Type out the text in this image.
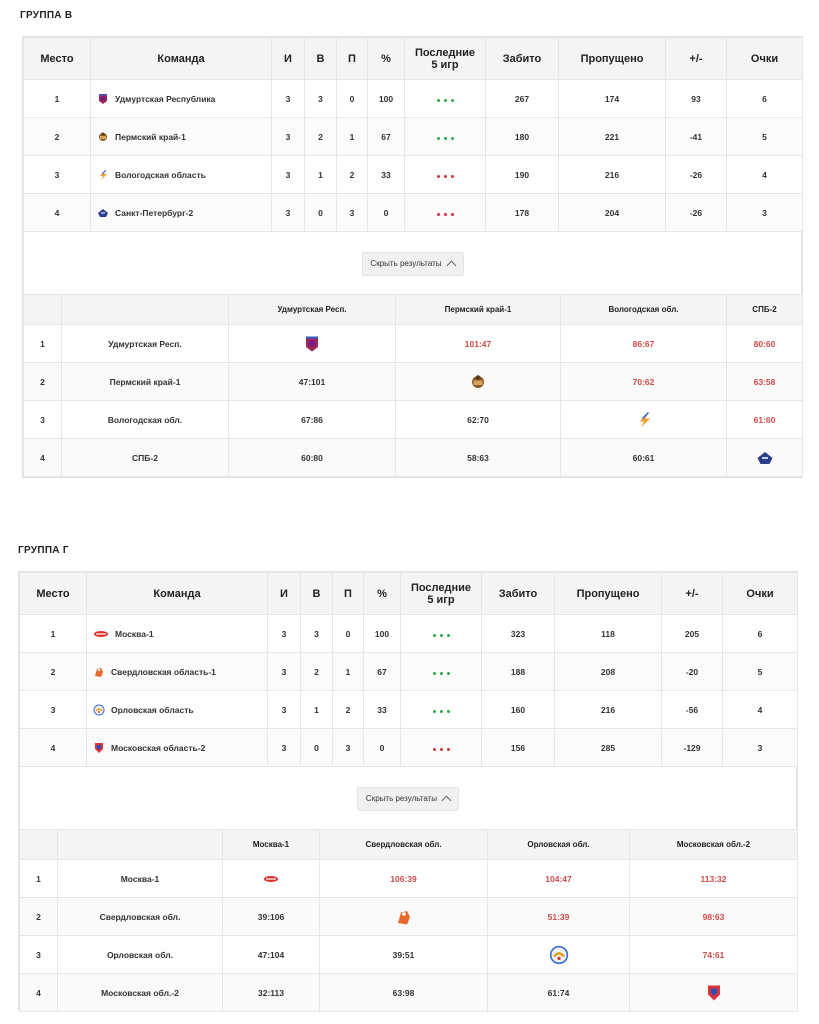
ГРУППА В
Место	Команда	И	В	П	%	Последние
5 игр	Забито	Пропущено	+/-	Очки
1	Удмуртская Республика	3	3	0	100		267	174	93	6
2	Пермский край-1	3	2	1	67		180	221	-41	5
3	Вологодская область	3	1	2	33		190	216	-26	4
4	Санкт-Петербург-2	3	0	3	0		178	204	-26	3
Скрыть результаты
		Удмуртская Респ.	Пермский край-1	Вологодская обл.	СПБ-2
1	Удмуртская Респ.		101:47	86:67	80:60
2	Пермский край-1	47:101		70:62	63:58
3	Вологодская обл.	67:86	62:70		61:60
4	СПБ-2	60:80	58:63	60:61	
ГРУППА Г
Место	Команда	И	В	П	%	Последние
5 игр	Забито	Пропущено	+/-	Очки
1	Москва-1	3	3	0	100		323	118	205	6
2	Свердловская область-1	3	2	1	67		188	208	-20	5
3	Орловская область	3	1	2	33		160	216	-56	4
4	Московская область-2	3	0	3	0		156	285	-129	3
Скрыть результаты
		Москва-1	Свердловская обл.	Орловская обл.	Московская обл.-2
1	Москва-1		106:39	104:47	113:32
2	Свердловская обл.	39:106		51:39	98:63
3	Орловская обл.	47:104	39:51		74:61
4	Московская обл.-2	32:113	63:98	61:74	
